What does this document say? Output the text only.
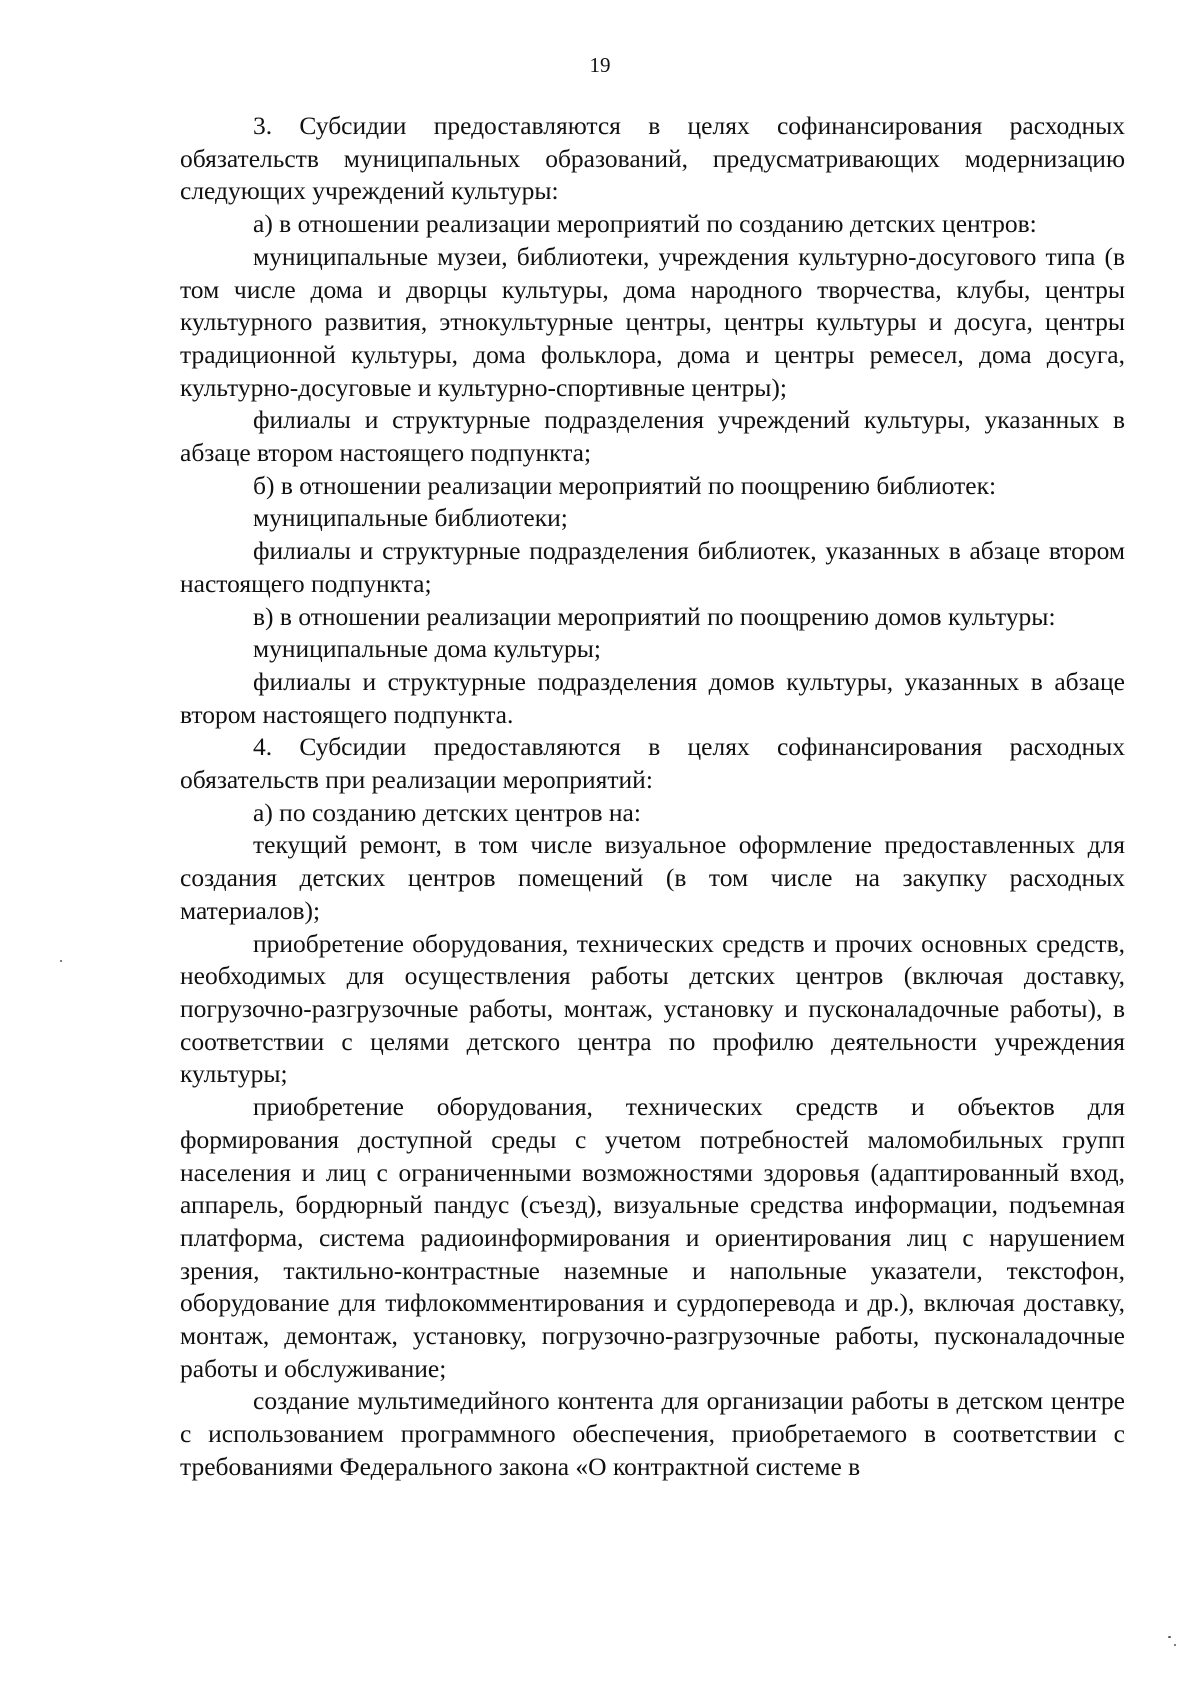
19

3. Субсидии предоставляются в целях софинансирования расходных обязательств муниципальных образований, предусматривающих модернизацию следующих учреждений культуры:

а) в отношении реализации мероприятий по созданию детских центров:

муниципальные музеи, библиотеки, учреждения культурно-досугового типа (в том числе дома и дворцы культуры, дома народного творчества, клубы, центры культурного развития, этнокультурные центры, центры культуры и досуга, центры традиционной культуры, дома фольклора, дома и центры ремесел, дома досуга, культурно-досуговые и культурно-спортивные центры);

филиалы и структурные подразделения учреждений культуры, указанных в абзаце втором настоящего подпункта;

б) в отношении реализации мероприятий по поощрению библиотек:

муниципальные библиотеки;

филиалы и структурные подразделения библиотек, указанных в абзаце втором настоящего подпункта;

в) в отношении реализации мероприятий по поощрению домов культуры:

муниципальные дома культуры;

филиалы и структурные подразделения домов культуры, указанных в абзаце втором настоящего подпункта.

4. Субсидии предоставляются в целях софинансирования расходных обязательств при реализации мероприятий:

а) по созданию детских центров на:

текущий ремонт, в том числе визуальное оформление предоставленных для создания детских центров помещений (в том числе на закупку расходных материалов);

приобретение оборудования, технических средств и прочих основных средств, необходимых для осуществления работы детских центров (включая доставку, погрузочно-разгрузочные работы, монтаж, установку и пусконаладочные работы), в соответствии с целями детского центра по профилю деятельности учреждения культуры;

приобретение оборудования, технических средств и объектов для формирования доступной среды с учетом потребностей маломобильных групп населения и лиц с ограниченными возможностями здоровья (адаптированный вход, аппарель, бордюрный пандус (съезд), визуальные средства информации, подъемная платформа, система радиоинформирования и ориентирования лиц с нарушением зрения, тактильно-контрастные наземные и напольные указатели, текстофон, оборудование для тифлокомментирования и сурдоперевода и др.), включая доставку, монтаж, демонтаж, установку, погрузочно-разгрузочные работы, пусконаладочные работы и обслуживание;

создание мультимедийного контента для организации работы в детском центре с использованием программного обеспечения, приобретаемого в соответствии с требованиями Федерального закона «О контрактной системе в
